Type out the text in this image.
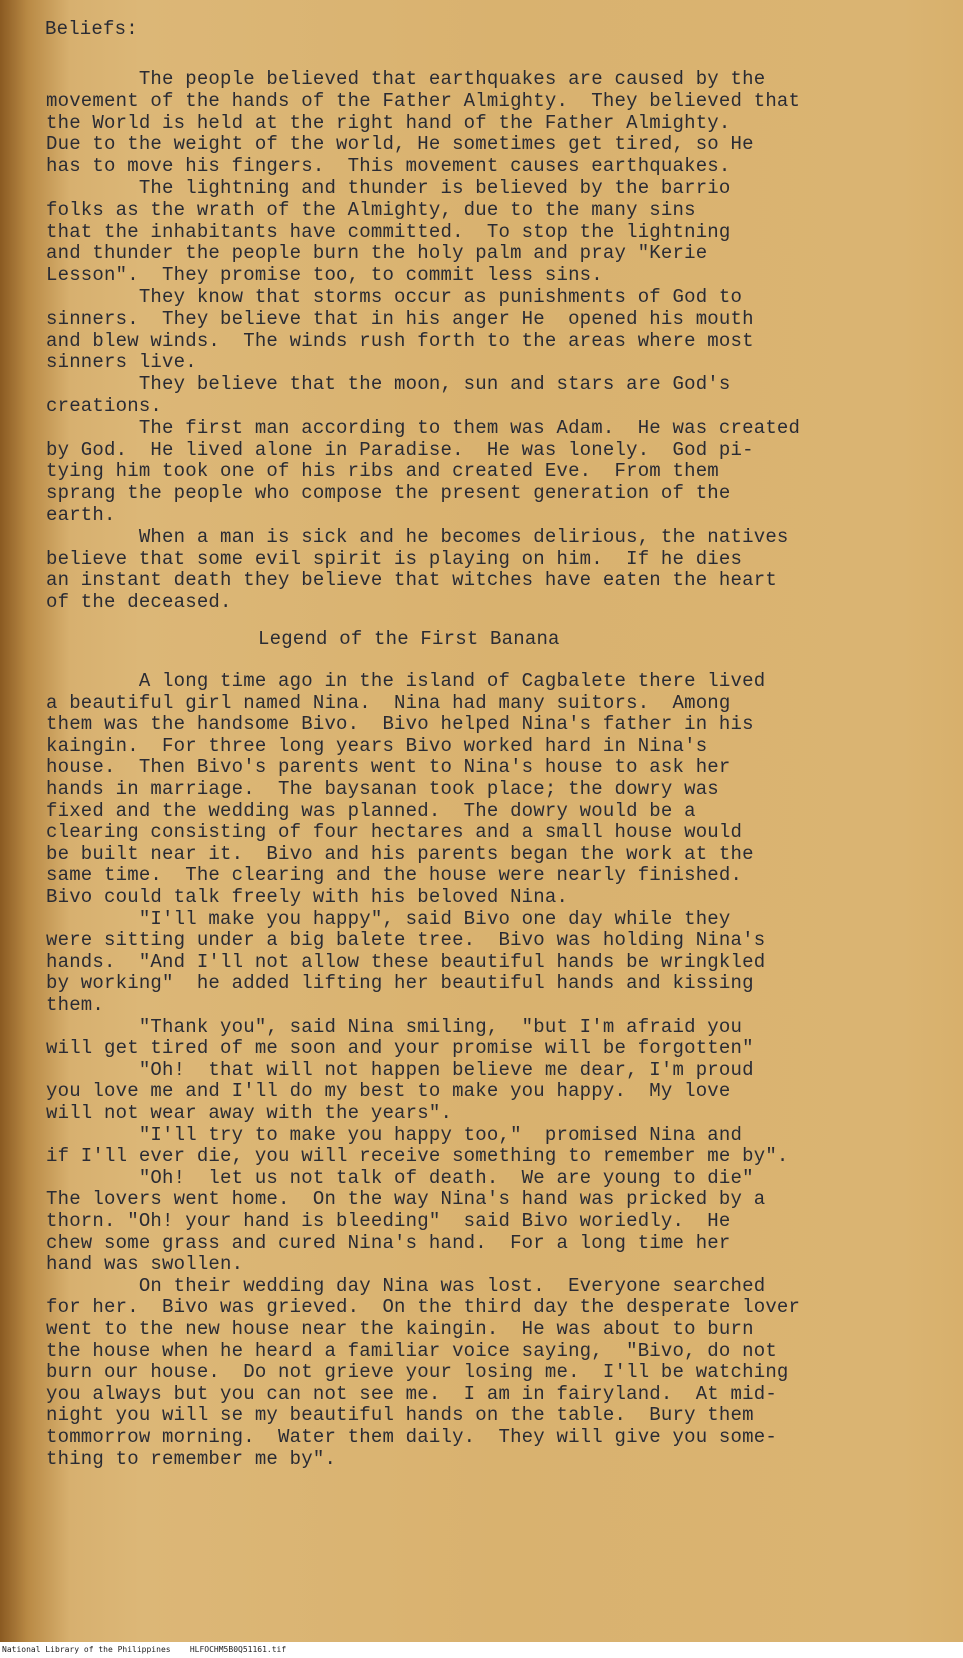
Beliefs:
The people believed that earthquakes are caused by the
movement of the hands of the Father Almighty.  They believed that
the World is held at the right hand of the Father Almighty.
Due to the weight of the world, He sometimes get tired, so He
has to move his fingers.  This movement causes earthquakes.
The lightning and thunder is believed by the barrio
folks as the wrath of the Almighty, due to the many sins
that the inhabitants have committed.  To stop the lightning
and thunder the people burn the holy palm and pray "Kerie
Lesson".  They promise too, to commit less sins.
They know that storms occur as punishments of God to
sinners.  They believe that in his anger He  opened his mouth
and blew winds.  The winds rush forth to the areas where most
sinners live.
They believe that the moon, sun and stars are God's
creations.
The first man according to them was Adam.  He was created
by God.  He lived alone in Paradise.  He was lonely.  God pi-
tying him took one of his ribs and created Eve.  From them
sprang the people who compose the present generation of the
earth.
When a man is sick and he becomes delirious, the natives
believe that some evil spirit is playing on him.  If he dies
an instant death they believe that witches have eaten the heart
of the deceased.
Legend of the First Banana
A long time ago in the island of Cagbalete there lived
a beautiful girl named Nina.  Nina had many suitors.  Among
them was the handsome Bivo.  Bivo helped Nina's father in his
kaingin.  For three long years Bivo worked hard in Nina's
house.  Then Bivo's parents went to Nina's house to ask her
hands in marriage.  The baysanan took place; the dowry was
fixed and the wedding was planned.  The dowry would be a
clearing consisting of four hectares and a small house would
be built near it.  Bivo and his parents began the work at the
same time.  The clearing and the house were nearly finished.
Bivo could talk freely with his beloved Nina.
"I'll make you happy", said Bivo one day while they
were sitting under a big balete tree.  Bivo was holding Nina's
hands.  "And I'll not allow these beautiful hands be wringkled
by working"  he added lifting her beautiful hands and kissing
them.
"Thank you", said Nina smiling,  "but I'm afraid you
will get tired of me soon and your promise will be forgotten"
"Oh!  that will not happen believe me dear, I'm proud
you love me and I'll do my best to make you happy.  My love
will not wear away with the years".
"I'll try to make you happy too,"  promised Nina and
if I'll ever die, you will receive something to remember me by".
"Oh!  let us not talk of death.  We are young to die"
The lovers went home.  On the way Nina's hand was pricked by a
thorn. "Oh! your hand is bleeding"  said Bivo woriedly.  He
chew some grass and cured Nina's hand.  For a long time her
hand was swollen.
On their wedding day Nina was lost.  Everyone searched
for her.  Bivo was grieved.  On the third day the desperate lover
went to the new house near the kaingin.  He was about to burn
the house when he heard a familiar voice saying,  "Bivo, do not
burn our house.  Do not grieve your losing me.  I'll be watching
you always but you can not see me.  I am in fairyland.  At mid-
night you will se my beautiful hands on the table.  Bury them
tommorrow morning.  Water them daily.  They will give you some-
thing to remember me by".
National Library of the Philippines    HLFOCHM5B0Q51161.tif
